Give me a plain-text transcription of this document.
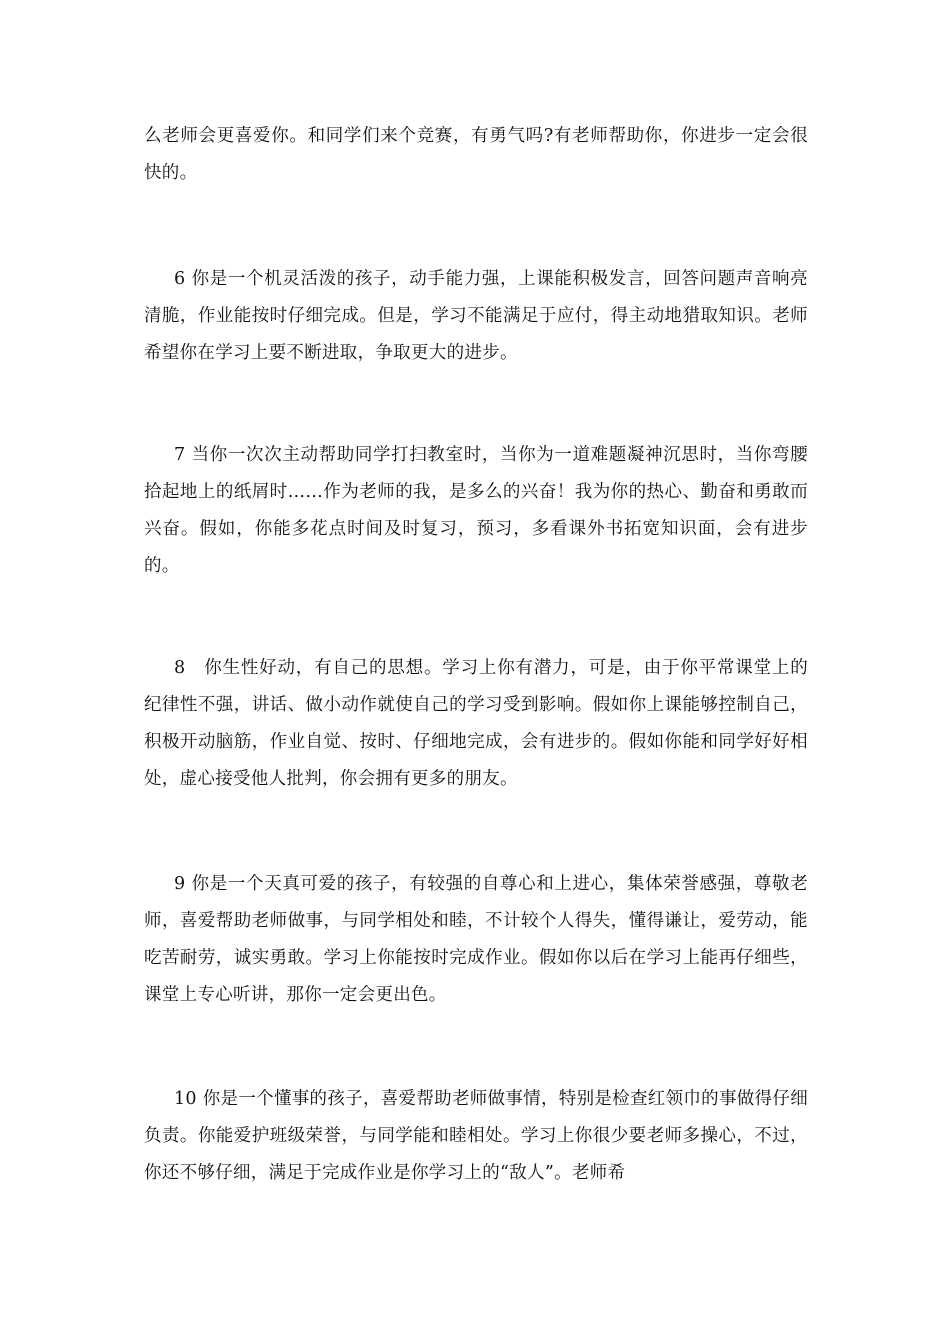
么老师会更喜爱你。和同学们来个竞赛，有勇气吗?有老师帮助你，你进步一定会很快的。

6 你是一个机灵活泼的孩子，动手能力强，上课能积极发言，回答问题声音响亮清脆，作业能按时仔细完成。但是，学习不能满足于应付，得主动地猎取知识。老师希望你在学习上要不断进取，争取更大的进步。

7 当你一次次主动帮助同学打扫教室时，当你为一道难题凝神沉思时，当你弯腰拾起地上的纸屑时……作为老师的我，是多么的兴奋！我为你的热心、勤奋和勇敢而兴奋。假如，你能多花点时间及时复习，预习，多看课外书拓宽知识面，会有进步的。

8　你生性好动，有自己的思想。学习上你有潜力，可是，由于你平常课堂上的纪律性不强，讲话、做小动作就使自己的学习受到影响。假如你上课能够控制自己，积极开动脑筋，作业自觉、按时、仔细地完成，会有进步的。假如你能和同学好好相处，虚心接受他人批判，你会拥有更多的朋友。

9 你是一个天真可爱的孩子，有较强的自尊心和上进心，集体荣誉感强，尊敬老师，喜爱帮助老师做事，与同学相处和睦，不计较个人得失，懂得谦让，爱劳动，能吃苦耐劳，诚实勇敢。学习上你能按时完成作业。假如你以后在学习上能再仔细些，课堂上专心听讲，那你一定会更出色。

10 你是一个懂事的孩子，喜爱帮助老师做事情，特别是检查红领巾的事做得仔细负责。你能爱护班级荣誉，与同学能和睦相处。学习上你很少要老师多操心，不过，你还不够仔细，满足于完成作业是你学习上的“敌人”。老师希
